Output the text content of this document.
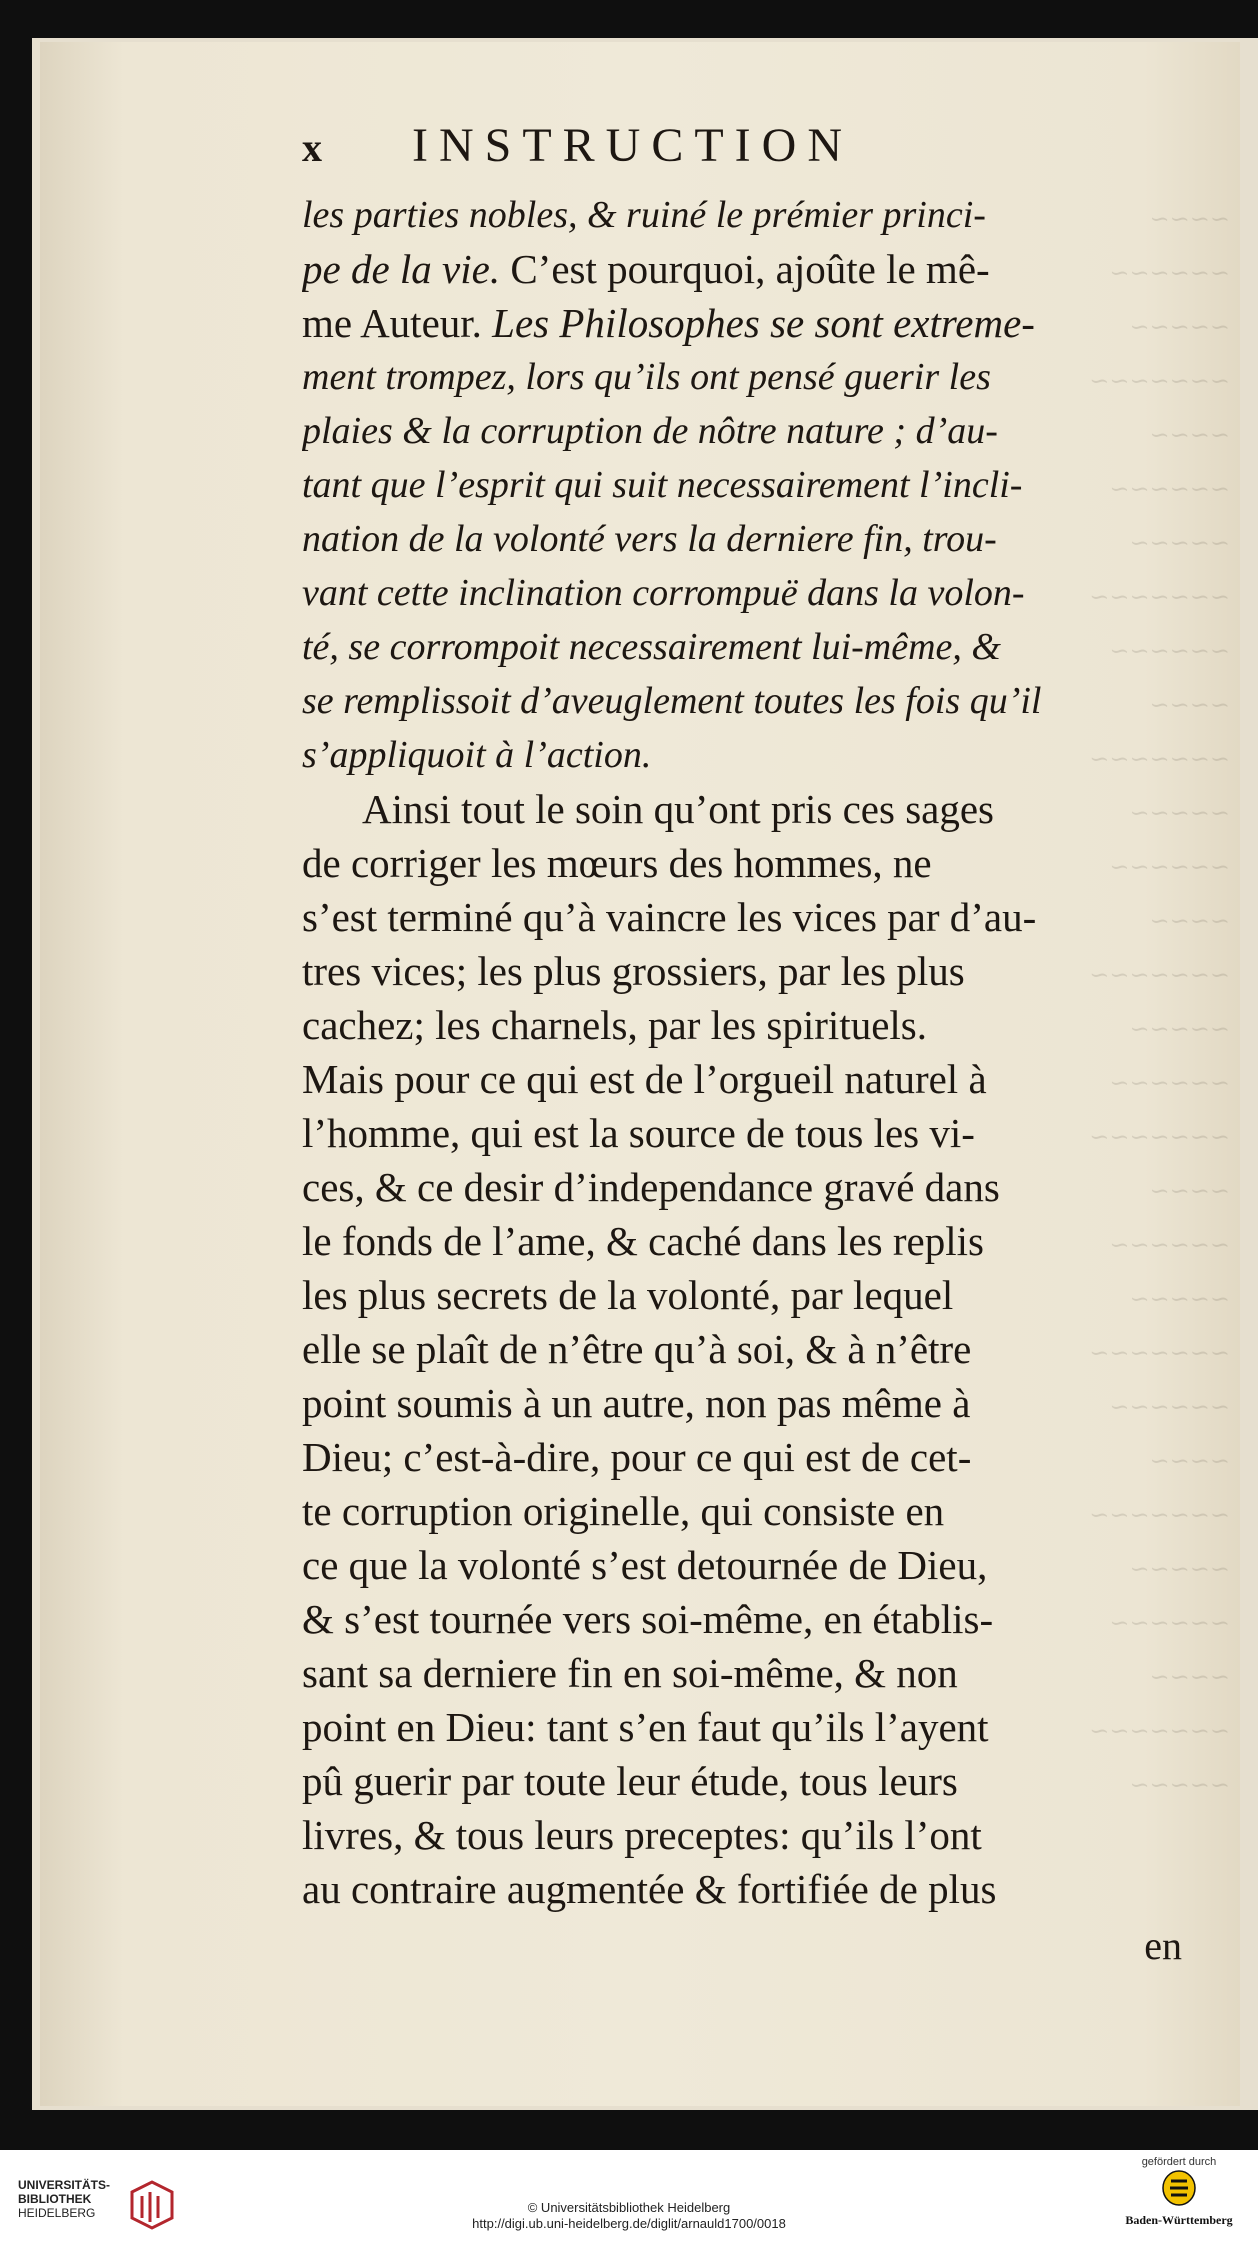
~~~~
~~~~~~
~~~~~
~~~~~~~
~~~~
~~~~~~
~~~~~
~~~~~~~
~~~~~~
~~~~
~~~~~~~
~~~~~
~~~~~~
~~~~
~~~~~~~
~~~~~
~~~~~~
~~~~~~~
~~~~
~~~~~~
~~~~~
~~~~~~~
~~~~~~
~~~~
~~~~~~~
~~~~~
~~~~~~
~~~~
~~~~~~~
~~~~~
x	INSTRUCTION
les parties nobles, & ruiné le prémier princi-
pe de la vie. C’est pourquoi, ajoûte le mê-
me Auteur. Les Philosophes se sont extreme-
ment trompez, lors qu’ils ont pensé guerir les
plaies & la corruption de nôtre nature ; d’au-
tant que l’esprit qui suit necessairement l’incli-
nation de la volonté vers la derniere fin, trou-
vant cette inclination corrompuë dans la volon-
té, se corrompoit necessairement lui-même, &
se remplissoit d’aveuglement toutes les fois qu’il
s’appliquoit à l’action.
Ainsi tout le soin qu’ont pris ces sages
de corriger les mœurs des hommes, ne
s’est terminé qu’à vaincre les vices par d’au-
tres vices; les plus grossiers, par les plus
cachez; les charnels, par les spirituels.
Mais pour ce qui est de l’orgueil naturel à
l’homme, qui est la source de tous les vi-
ces, & ce desir d’independance gravé dans
le fonds de l’ame, & caché dans les replis
les plus secrets de la volonté, par lequel
elle se plaît de n’être qu’à soi, & à n’être
point soumis à un autre, non pas même à
Dieu; c’est-à-dire, pour ce qui est de cet-
te corruption originelle, qui consiste en
ce que la volonté s’est detournée de Dieu,
& s’est tournée vers soi-même, en établis-
sant sa derniere fin en soi-même, & non
point en Dieu: tant s’en faut qu’ils l’ayent
pû guerir par toute leur étude, tous leurs
livres, & tous leurs preceptes: qu’ils l’ont
au contraire augmentée & fortifiée de plus
en
UNIVERSITÄTS-
BIBLIOTHEK
HEIDELBERG	© Universitätsbibliothek Heidelberg
http://digi.ub.uni-heidelberg.de/diglit/arnauld1700/0018
gefördert durch
Baden-Württemberg
